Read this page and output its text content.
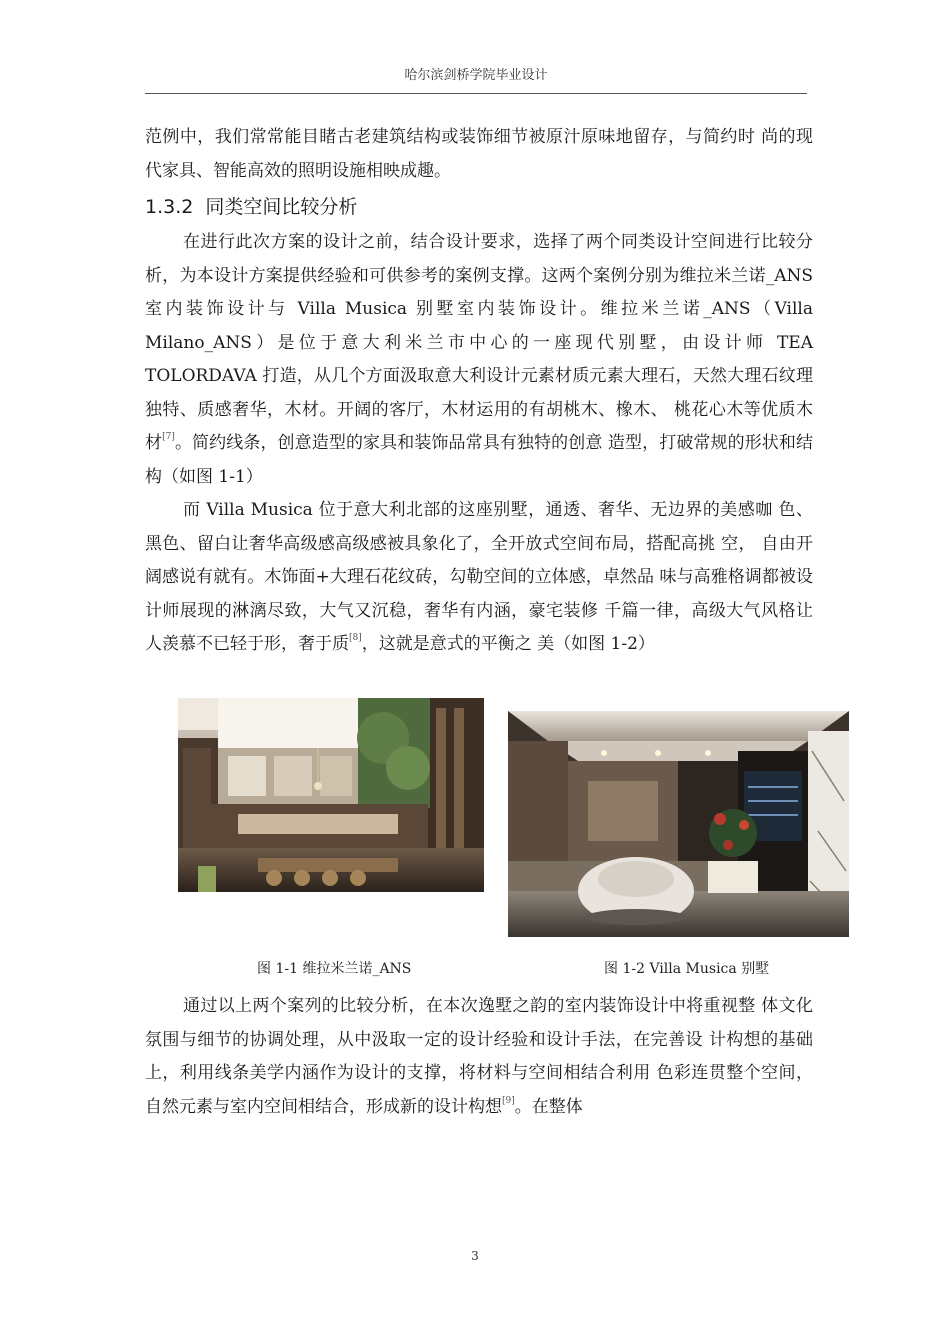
哈尔滨剑桥学院毕业设计

范例中，我们常常能目睹古老建筑结构或装饰细节被原汁原味地留存，与简约时 尚的现代家具、智能高效的照明设施相映成趣。

1.3.2 同类空间比较分析

在进行此次方案的设计之前，结合设计要求，选择了两个同类设计空间进行比较分析，为本设计方案提供经验和可供参考的案例支撑。这两个案例分别为维拉米兰诺_ANS 室内装饰设计与 Villa Musica 别墅室内装饰设计。维拉米兰诺_ANS（Villa Milano_ANS）是位于意大利米兰市中心的一座现代别墅，由设计师 TEA TOLORDAVA 打造，从几个方面汲取意大利设计元素材质元素大理石，天然大理石纹理独特、质感奢华，木材。开阔的客厅，木材运用的有胡桃木、橡木、 桃花心木等优质木材[7]。简约线条，创意造型的家具和装饰品常具有独特的创意 造型，打破常规的形状和结构（如图 1-1）

而 Villa Musica 位于意大利北部的这座别墅，通透、奢华、无边界的美感咖 色、黑色、留白让奢华高级感高级感被具象化了，全开放式空间布局，搭配高挑 空， 自由开阔感说有就有。木饰面+大理石花纹砖，勾勒空间的立体感，卓然品 味与高雅格调都被设计师展现的淋漓尽致，大气又沉稳，奢华有内涵，豪宅装修 千篇一律，高级大气风格让人羡慕不已轻于形，奢于质[8]，这就是意式的平衡之 美（如图 1-2）

图 1-1 维拉米兰诺_ANS	图 1-2 Villa Musica 别墅

通过以上两个案列的比较分析，在本次逸墅之韵的室内装饰设计中将重视整 体文化氛围与细节的协调处理，从中汲取一定的设计经验和设计手法，在完善设 计构想的基础上，利用线条美学内涵作为设计的支撑，将材料与空间相结合利用 色彩连贯整个空间，自然元素与室内空间相结合，形成新的设计构想[9]。在整体

3
